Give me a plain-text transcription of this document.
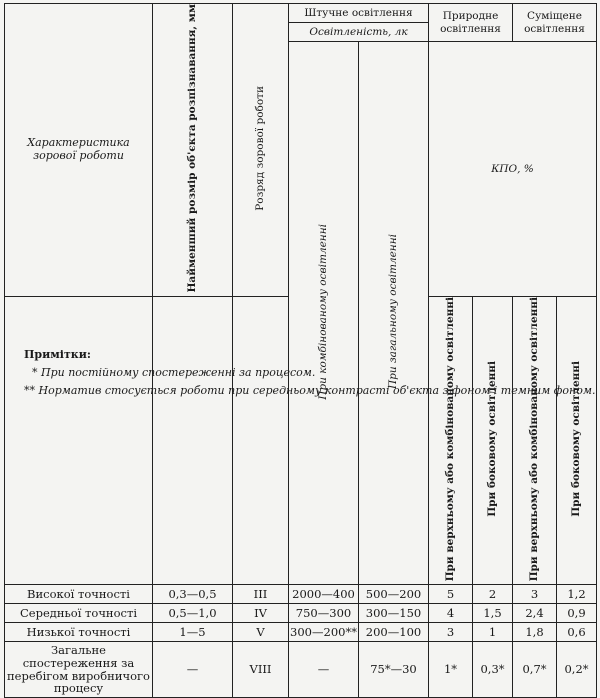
Характеристика зорової роботи	Найменший розмір об'єкта розпізнавання, мм	Розряд зорової роботи	Штучне освітлення		Природне освітлення		Суміщене освітлення	
			Освітленість, лк					
			При комбінованому освітленні	При загальному освітленні	КПО, %			
					При верхньому або комбінованому освітленні	При боковому освітленні	При верхньому або комбінованому освітленні	При боковому освітленні
Високої точності	0,3—0,5	III	2000—400	500—200	5	2	3	1,2
Середньої точності	0,5—1,0	IV	750—300	300—150	4	1,5	2,4	0,9
Низької точності	1—5	V	300—200**	200—100	3	1	1,8	0,6
Загальне спостереження за перебігом виробничого процесу	—	VIII	—	75*—30	1*	0,3*	0,7*	0,2*
Примітки:
* При постійному спостереженні за процесом.
** Норматив стосується роботи при середньому контрасті об'єкта з фоном і темним фоном.
